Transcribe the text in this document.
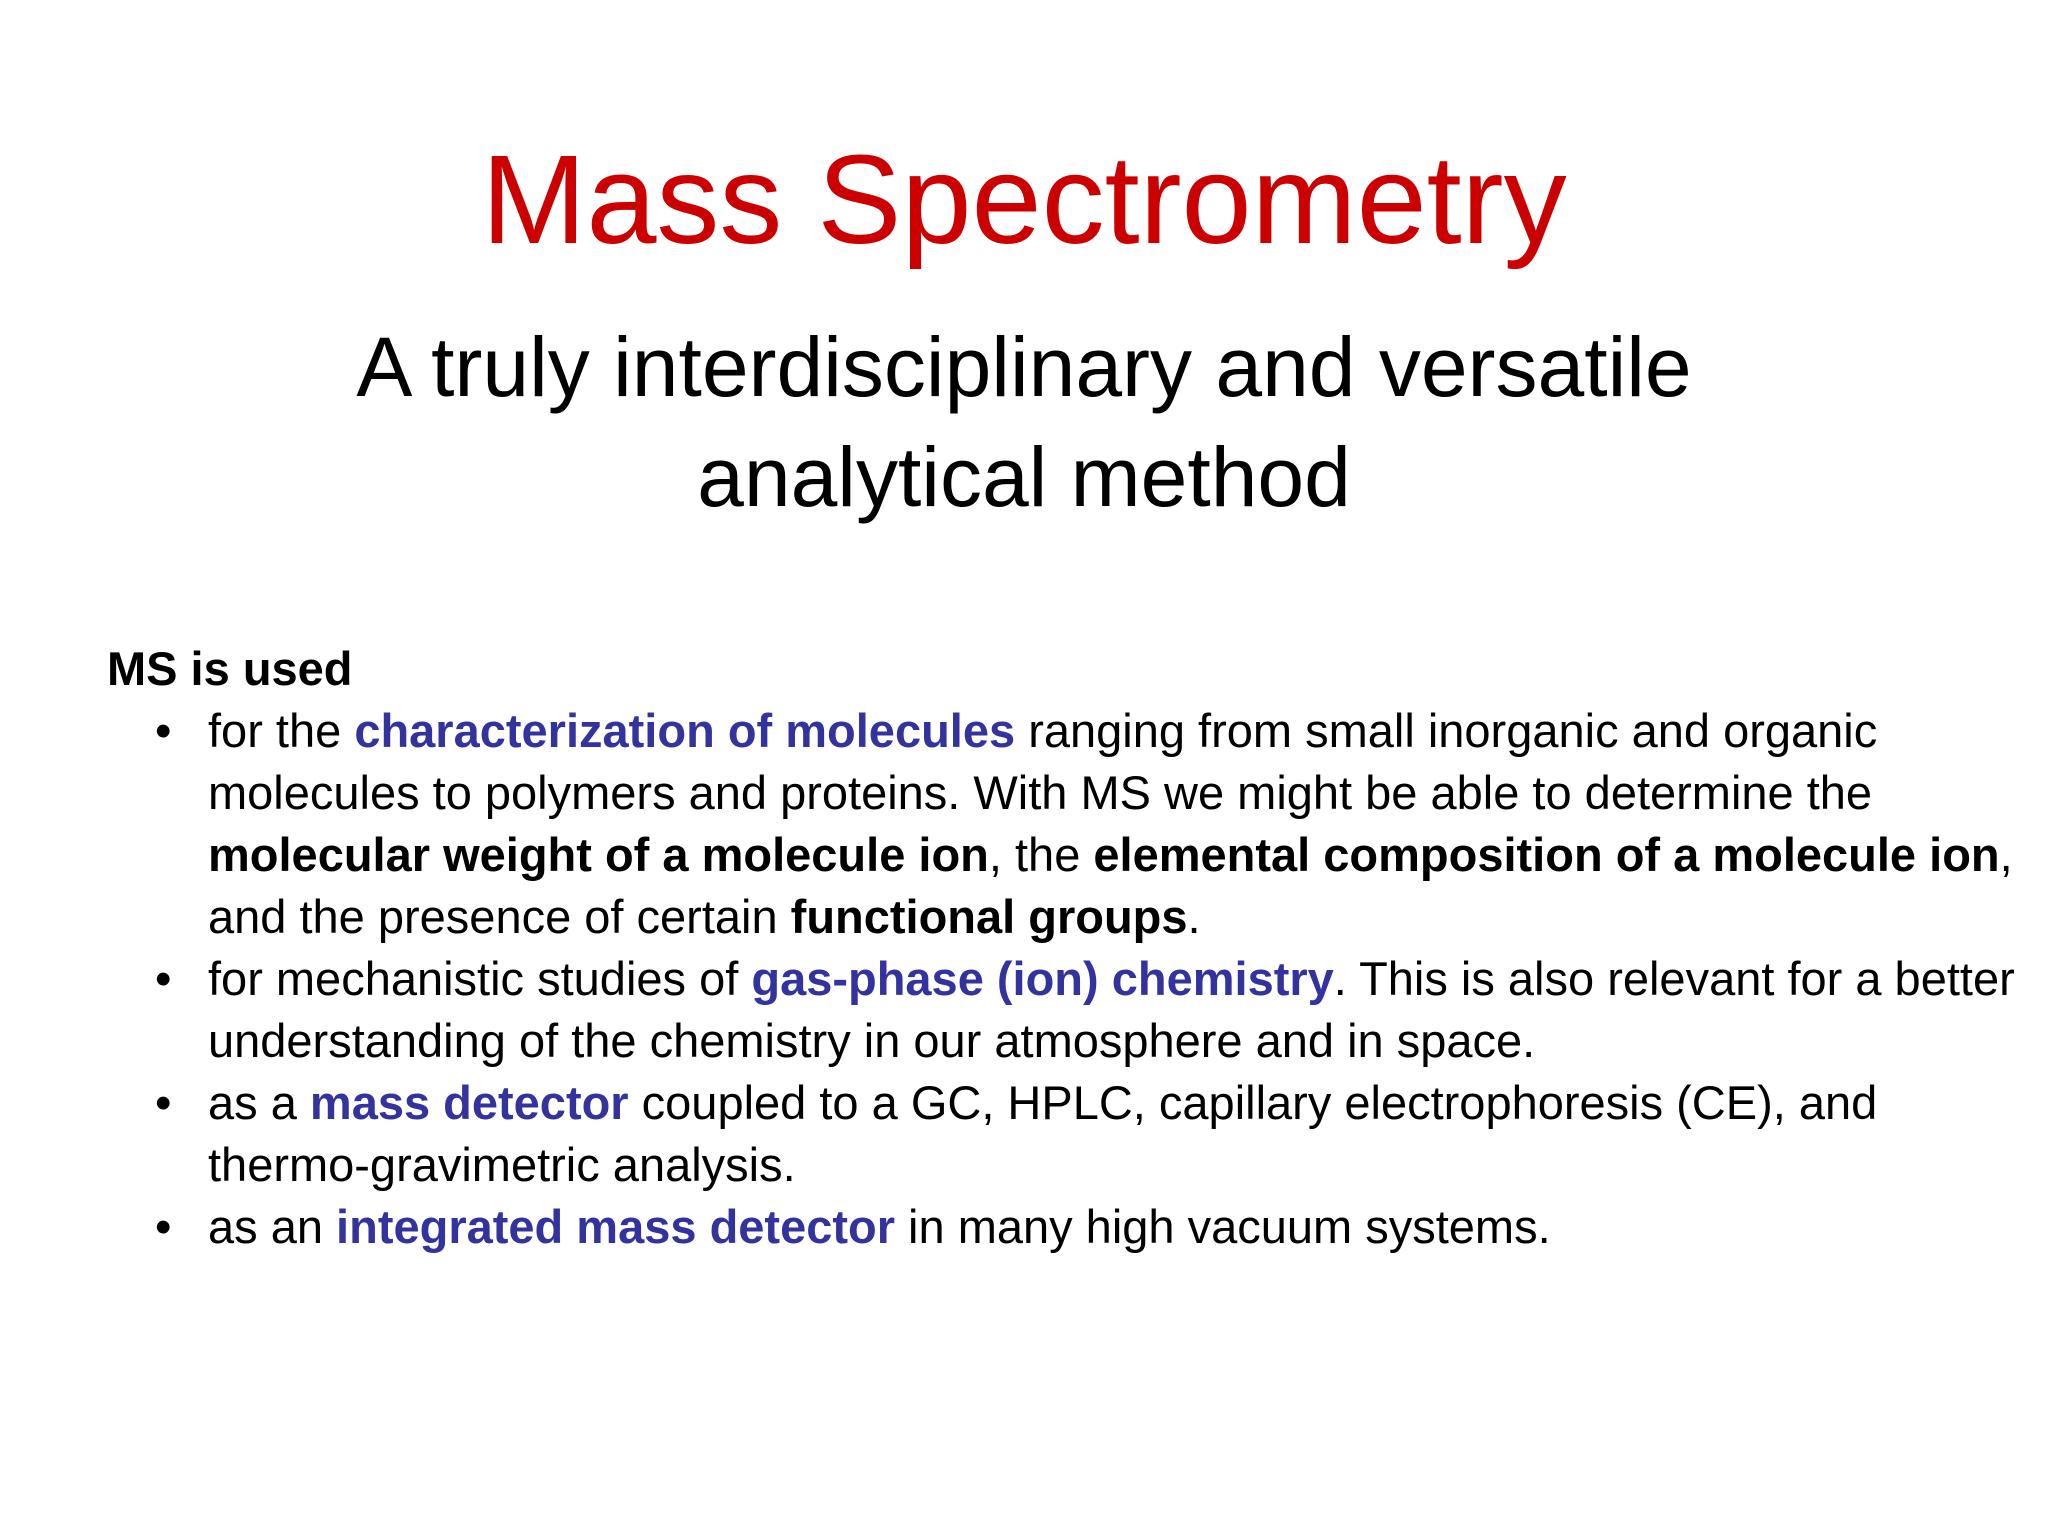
Mass Spectrometry
A truly interdisciplinary and versatile
analytical method

MS is used

• for the characterization of molecules ranging from small inorganic and organic molecules to polymers and proteins. With MS we might be able to determine the molecular weight of a molecule ion, the elemental composition of a molecule ion, and the presence of certain functional groups.
• for mechanistic studies of gas-phase (ion) chemistry. This is also relevant for a better understanding of the chemistry in our atmosphere and in space.
• as a mass detector coupled to a GC, HPLC, capillary electrophoresis (CE), and thermo-gravimetric analysis.
• as an integrated mass detector in many high vacuum systems.
